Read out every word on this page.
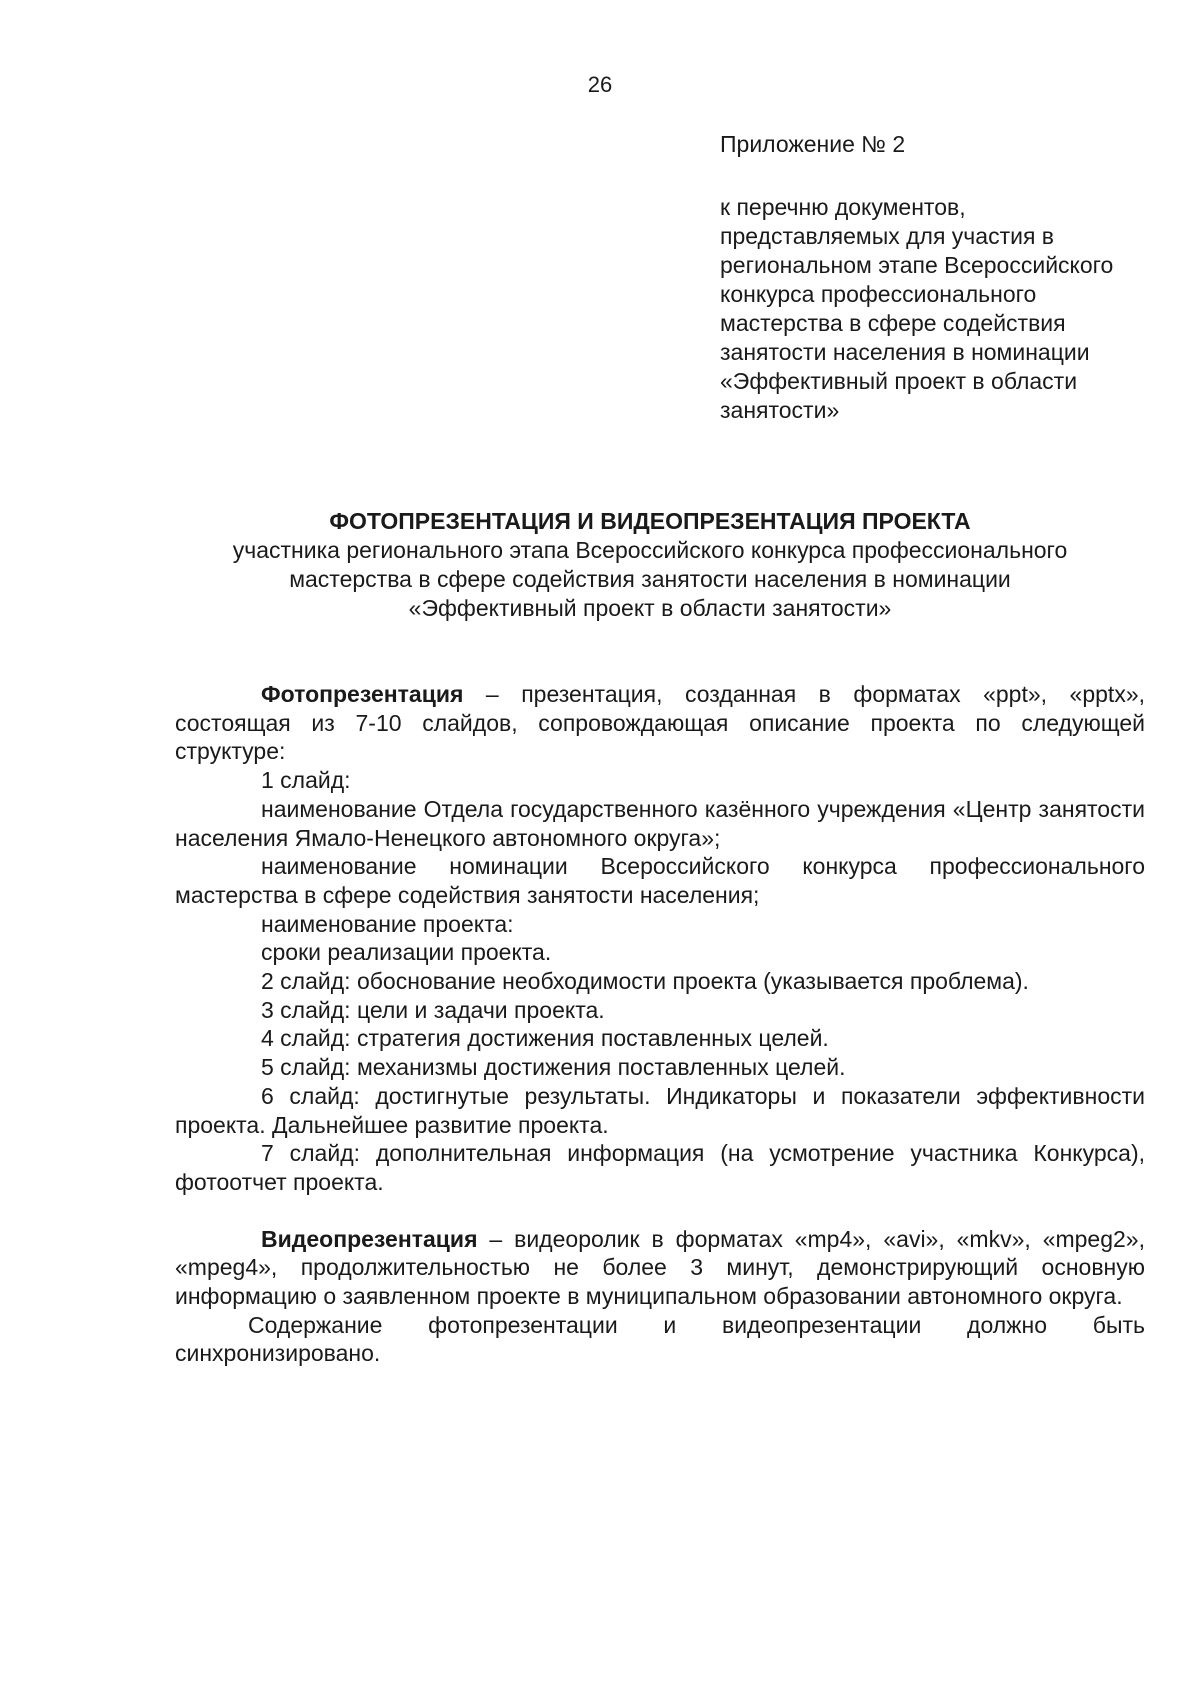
26

Приложение № 2

к перечню документов, представляемых для участия в региональном этапе Всероссийского конкурса профессионального мастерства в сфере содействия занятости населения в номинации «Эффективный проект в области занятости»

ФОТОПРЕЗЕНТАЦИЯ И ВИДЕОПРЕЗЕНТАЦИЯ ПРОЕКТА

участника регионального этапа Всероссийского конкурса профессионального

мастерства в сфере содействия занятости населения в номинации

«Эффективный проект в области занятости»

Фотопрезентация – презентация, созданная в форматах «ppt», «pptx», состоящая из 7-10 слайдов, сопровождающая описание проекта по следующей структуре:

1 слайд:

наименование Отдела государственного казённого учреждения «Центр занятости населения Ямало-Ненецкого автономного округа»;

наименование номинации Всероссийского конкурса профессионального мастерства в сфере содействия занятости населения;

наименование проекта:

сроки реализации проекта.

2 слайд: обоснование необходимости проекта (указывается проблема).

3 слайд: цели и задачи проекта.

4 слайд: стратегия достижения поставленных целей.

5 слайд: механизмы достижения поставленных целей.

6 слайд: достигнутые результаты. Индикаторы и показатели эффективности проекта. Дальнейшее развитие проекта.

7 слайд: дополнительная информация (на усмотрение участника Конкурса), фотоотчет проекта.

Видеопрезентация – видеоролик в форматах «mp4», «avi», «mkv», «mpeg2», «mpeg4», продолжительностью не более 3 минут, демонстрирующий основную информацию о заявленном проекте в муниципальном образовании автономного округа.

Содержание фотопрезентации и видеопрезентации должно быть синхронизировано.
